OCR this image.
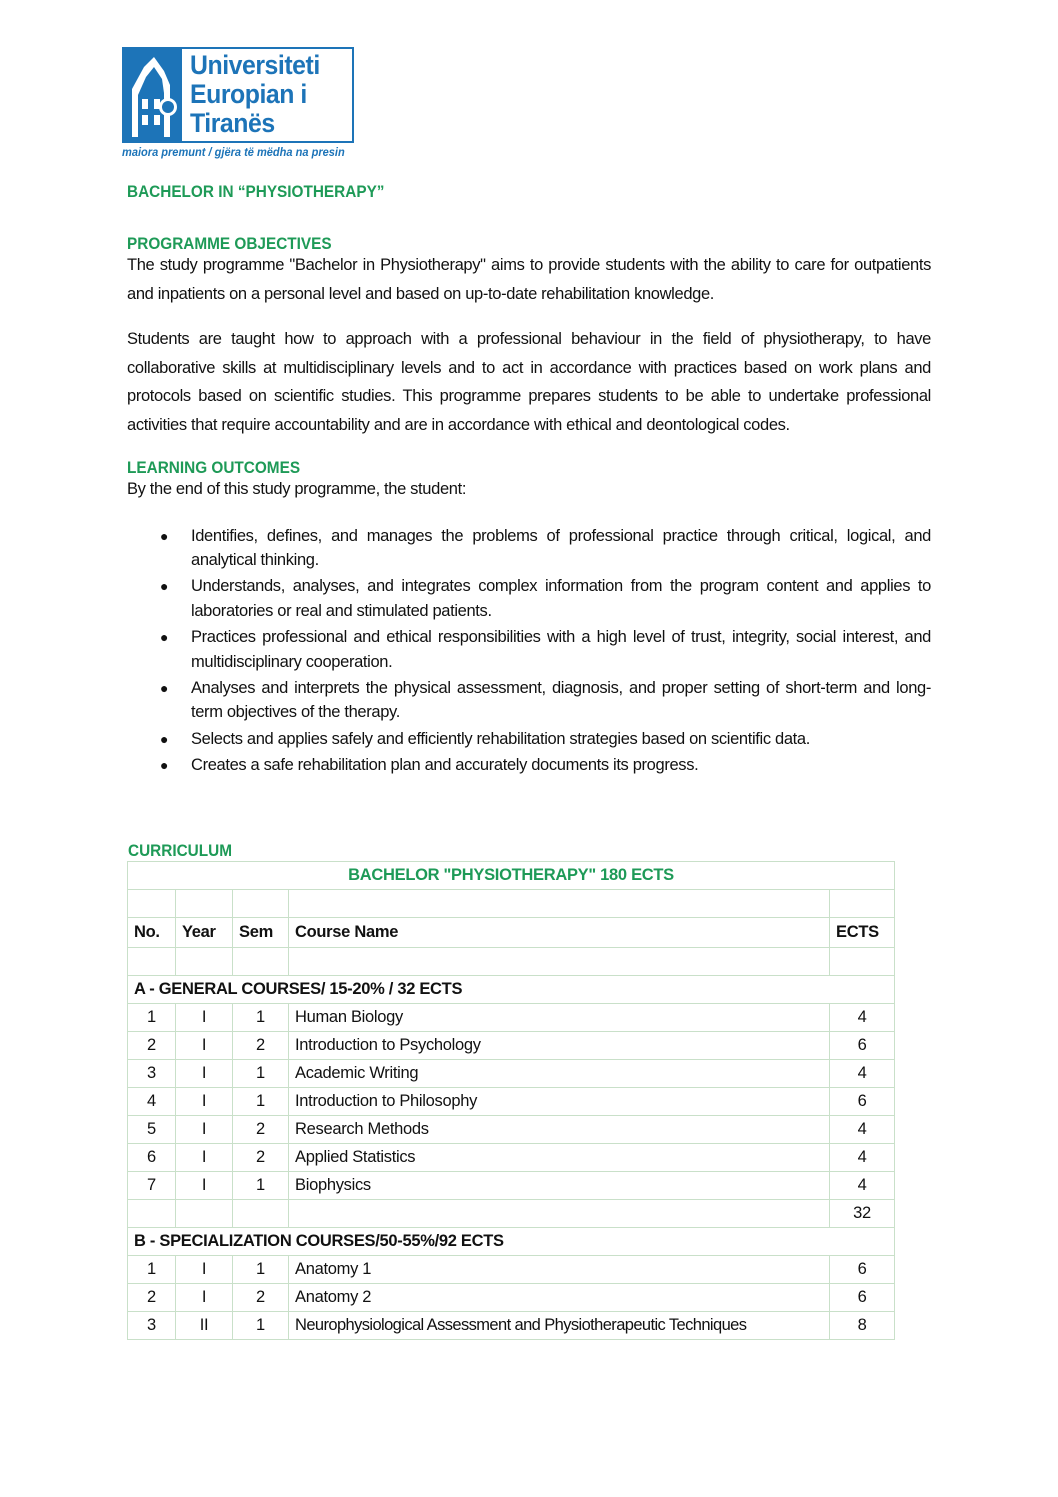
Universiteti
Europian i
Tiranës
maiora premunt / gjëra të mëdha na presin
BACHELOR IN “PHYSIOTHERAPY”
PROGRAMME OBJECTIVES

The study programme "Bachelor in Physiotherapy" aims to provide students with the ability to care for outpatients and inpatients on a personal level and based on up-to-date rehabilitation knowledge.

Students are taught how to approach with a professional behaviour in the field of physiotherapy, to have collaborative skills at multidisciplinary levels and to act in accordance with practices based on work plans and protocols based on scientific studies. This programme prepares students to be able to undertake professional activities that require accountability and are in accordance with ethical and deontological codes.

LEARNING OUTCOMES

By the end of this study programme, the student:

● Identifies, defines, and manages the problems of professional practice through critical, logical, and analytical thinking.
● Understands, analyses, and integrates complex information from the program content and applies to laboratories or real and stimulated patients.
● Practices professional and ethical responsibilities with a high level of trust, integrity, social interest, and multidisciplinary cooperation.
● Analyses and interprets the physical assessment, diagnosis, and proper setting of short-term and long-term objectives of the therapy.
● Selects and applies safely and efficiently rehabilitation strategies based on scientific data.
● Creates a safe rehabilitation plan and accurately documents its progress.
CURRICULUM
BACHELOR "PHYSIOTHERAPY" 180 ECTS				

No.	Year	Sem	Course Name	ECTS

A - GENERAL COURSES/ 15-20% / 32 ECTS				
1	I	1	Human Biology	4
2	I	2	Introduction to Psychology	6
3	I	1	Academic Writing	4
4	I	1	Introduction to Philosophy	6
5	I	2	Research Methods	4
6	I	2	Applied Statistics	4
7	I	1	Biophysics	4
				32
B - SPECIALIZATION COURSES/50-55%/92 ECTS				
1	I	1	Anatomy 1	6
2	I	2	Anatomy 2	6
3	II	1	Neurophysiological Assessment and Physiotherapeutic Techniques	8
